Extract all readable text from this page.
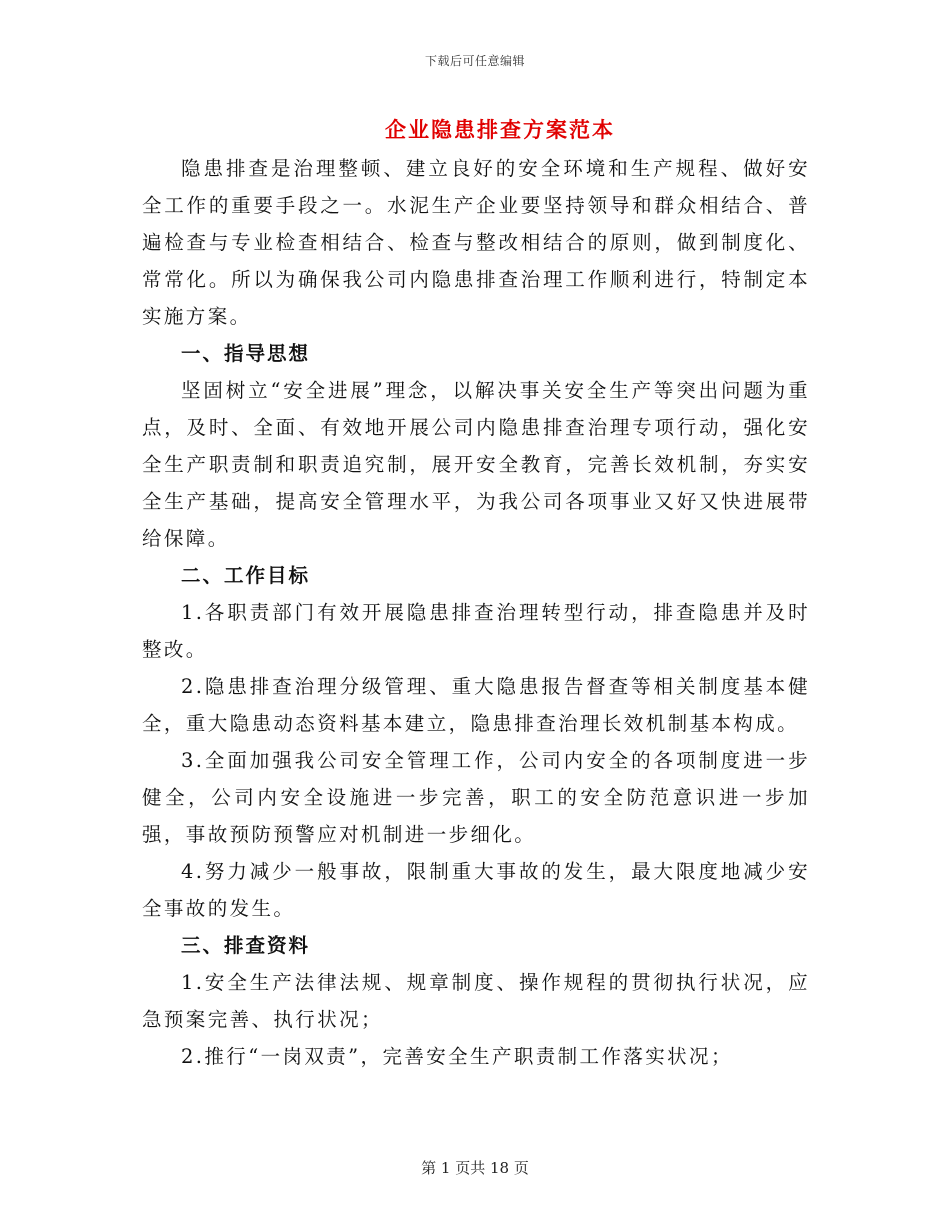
下载后可任意编辑
企业隐患排查方案范本

隐患排查是治理整顿、建立良好的安全环境和生产规程、做好安全工作的重要手段之一。水泥生产企业要坚持领导和群众相结合、普遍检查与专业检查相结合、检查与整改相结合的原则，做到制度化、常常化。所以为确保我公司内隐患排查治理工作顺利进行，特制定本实施方案。

一、指导思想

坚固树立“安全进展”理念，以解决事关安全生产等突出问题为重点，及时、全面、有效地开展公司内隐患排查治理专项行动，强化安全生产职责制和职责追究制，展开安全教育，完善长效机制，夯实安全生产基础，提高安全管理水平，为我公司各项事业又好又快进展带给保障。

二、工作目标

1.各职责部门有效开展隐患排查治理转型行动，排查隐患并及时整改。

2.隐患排查治理分级管理、重大隐患报告督查等相关制度基本健全，重大隐患动态资料基本建立，隐患排查治理长效机制基本构成。

3.全面加强我公司安全管理工作，公司内安全的各项制度进一步健全，公司内安全设施进一步完善，职工的安全防范意识进一步加强，事故预防预警应对机制进一步细化。

4.努力减少一般事故，限制重大事故的发生，最大限度地减少安全事故的发生。

三、排查资料

1.安全生产法律法规、规章制度、操作规程的贯彻执行状况，应急预案完善、执行状况；

2.推行“一岗双责”，完善安全生产职责制工作落实状况；

第 1 页共 18 页
